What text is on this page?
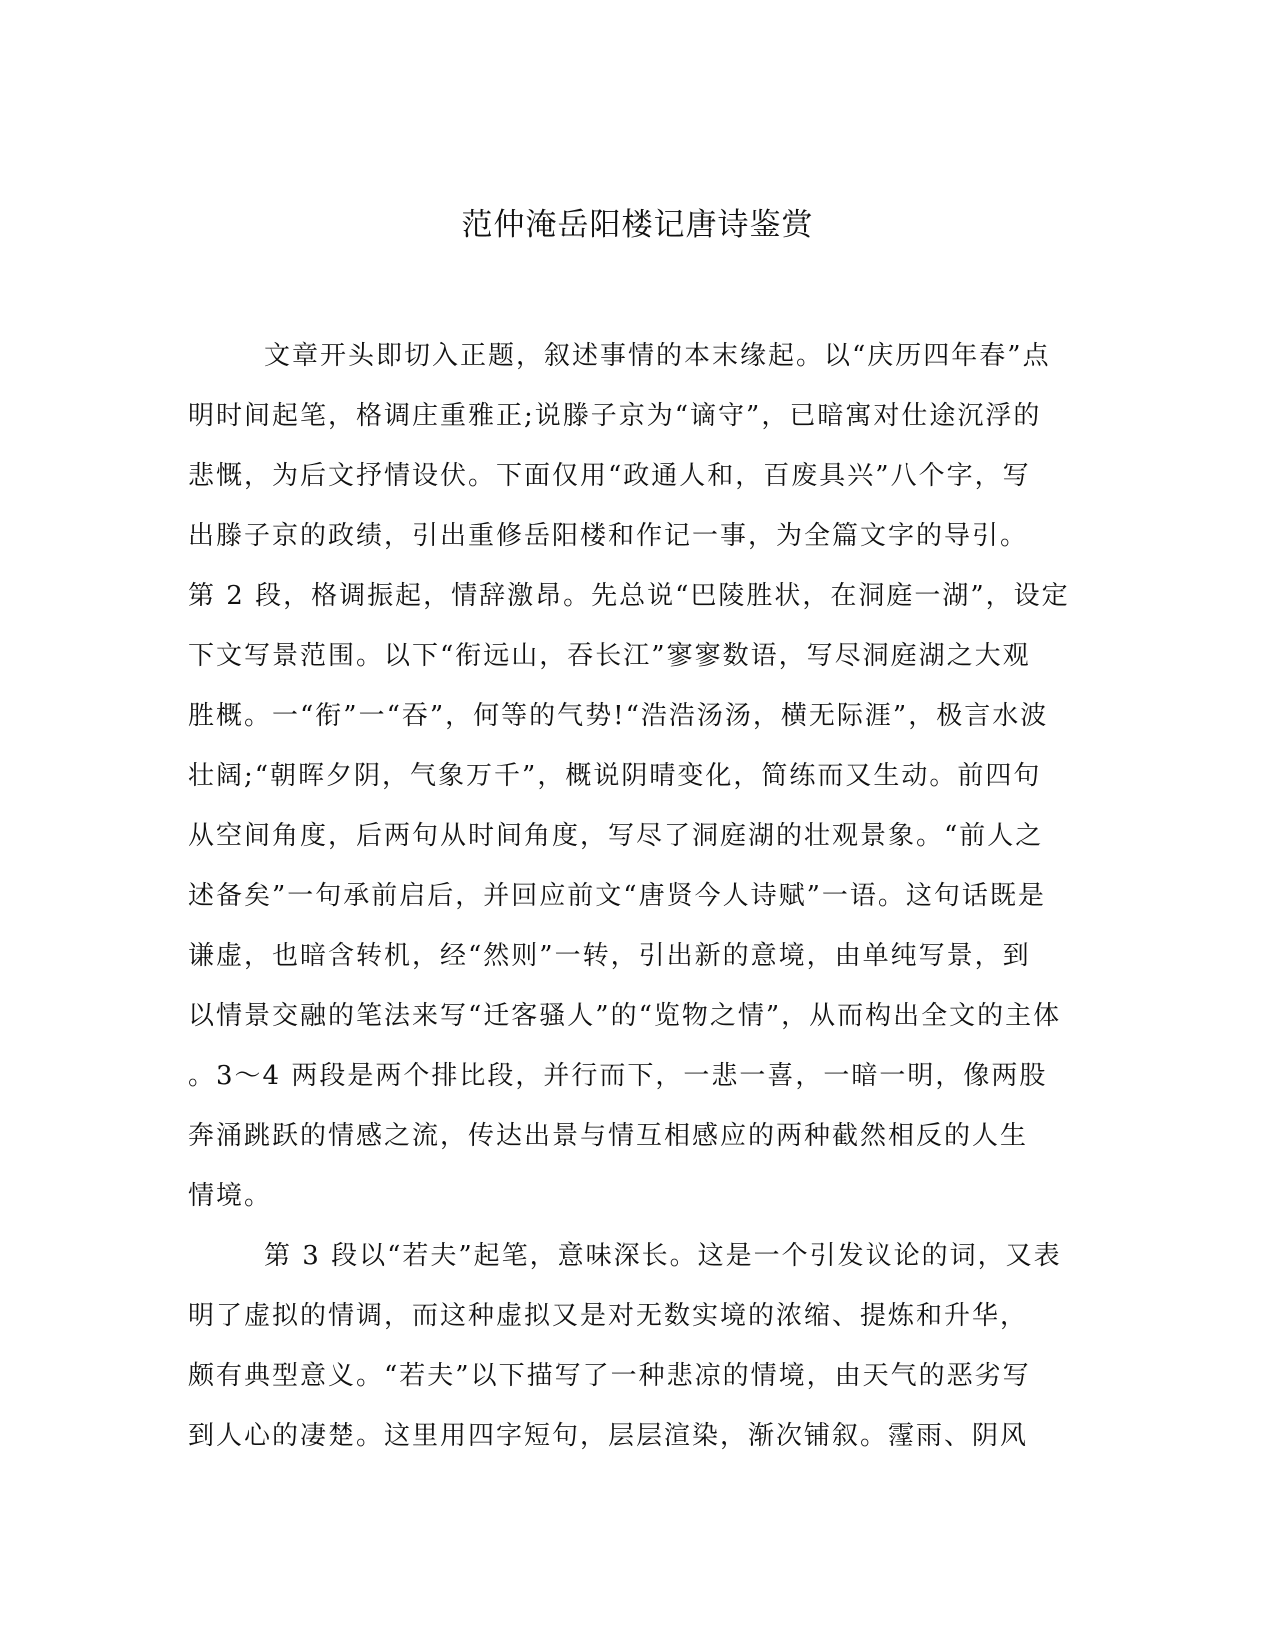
范仲淹岳阳楼记唐诗鉴赏
文章开头即切入正题，叙述事情的本末缘起。以“庆历四年春”点
明时间起笔，格调庄重雅正;说滕子京为“谪守”，已暗寓对仕途沉浮的
悲慨，为后文抒情设伏。下面仅用“政通人和，百废具兴”八个字，写
出滕子京的政绩，引出重修岳阳楼和作记一事，为全篇文字的导引。
第 2 段，格调振起，情辞激昂。先总说“巴陵胜状，在洞庭一湖”，设定
下文写景范围。以下“衔远山，吞长江”寥寥数语，写尽洞庭湖之大观
胜概。一“衔”一“吞”，何等的气势!“浩浩汤汤，横无际涯”，极言水波
壮阔;“朝晖夕阴，气象万千”，概说阴晴变化，简练而又生动。前四句
从空间角度，后两句从时间角度，写尽了洞庭湖的壮观景象。“前人之
述备矣”一句承前启后，并回应前文“唐贤今人诗赋”一语。这句话既是
谦虚，也暗含转机，经“然则”一转，引出新的意境，由单纯写景，到
以情景交融的笔法来写“迁客骚人”的“览物之情”，从而构出全文的主体
。3～4 两段是两个排比段，并行而下，一悲一喜，一暗一明，像两股
奔涌跳跃的情感之流，传达出景与情互相感应的两种截然相反的人生
情境。
第 3 段以“若夫”起笔，意味深长。这是一个引发议论的词，又表
明了虚拟的情调，而这种虚拟又是对无数实境的浓缩、提炼和升华，
颇有典型意义。“若夫”以下描写了一种悲凉的情境，由天气的恶劣写
到人心的凄楚。这里用四字短句，层层渲染，渐次铺叙。霪雨、阴风
